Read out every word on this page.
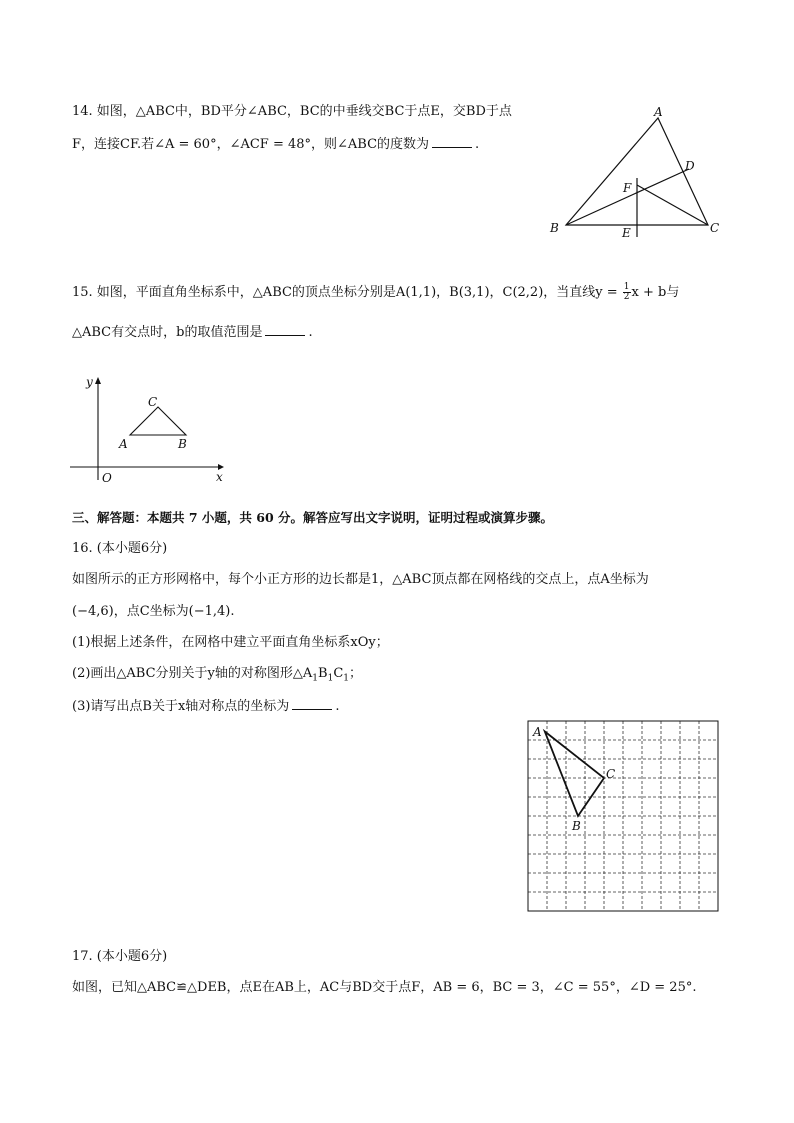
14. 如图，△ABC中，BD平分∠ABC，BC的中垂线交BC于点E，交BD于点
F，连接CF.若∠A = 60°，∠ACF = 48°，则∠ABC的度数为	.
A
B	C
D
E
F
15. 如图，平面直角坐标系中，△ABC的顶点坐标分别是A(1,1)，B(3,1)，C(2,2)，当直线$y = \frac{1}{2}$ x + b与
△ABC有交点时，b的取值范围是	.
x
y
O
A	B
C
三、解答题：本题共 7 小题，共 60 分。解答应写出文字说明，证明过程或演算步骤。
16. (本小题6分)
如图所示的正方形网格中，每个小正方形的边长都是1，△ABC顶点都在网格线的交点上，点A坐标为
(−4,6)，点C坐标为(−1,4).
(1)根据上述条件，在网格中建立平面直角坐标系xOy；
(2)画出△ABC分别关于y轴的对称图形$\triangle A_1B_1C_1$；
(3)请写出点B关于x轴对称点的坐标为	.
A
C
B
17. (本小题6分)
如图，已知△ABC≌△DEB，点E在AB上，AC与BD交于点F，AB = 6，BC = 3，∠C = 55°，∠D = 25°.
